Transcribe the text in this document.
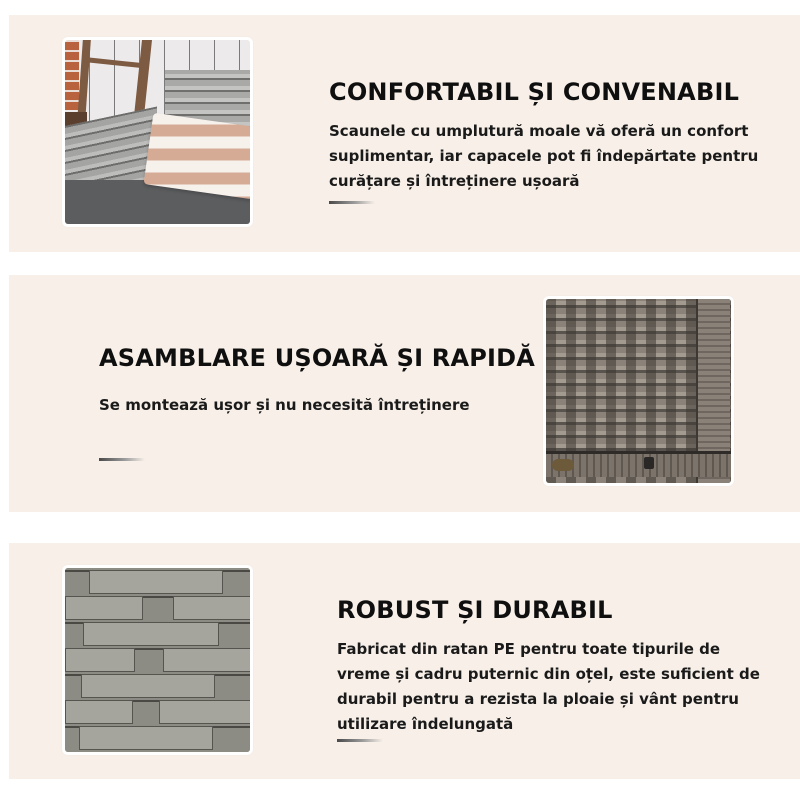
CONFORTABIL ȘI CONVENABIL

Scaunele cu umplutură moale vă oferă un confort suplimentar, iar capacele pot fi îndepărtate pentru curățare și întreținere ușoară

ASAMBLARE UȘOARĂ ȘI RAPIDĂ

Se montează ușor și nu necesită întreținere

ROBUST ȘI DURABIL

Fabricat din ratan PE pentru toate tipurile de vreme și cadru puternic din oțel, este suficient de durabil pentru a rezista la ploaie și vânt pentru utilizare îndelungată
